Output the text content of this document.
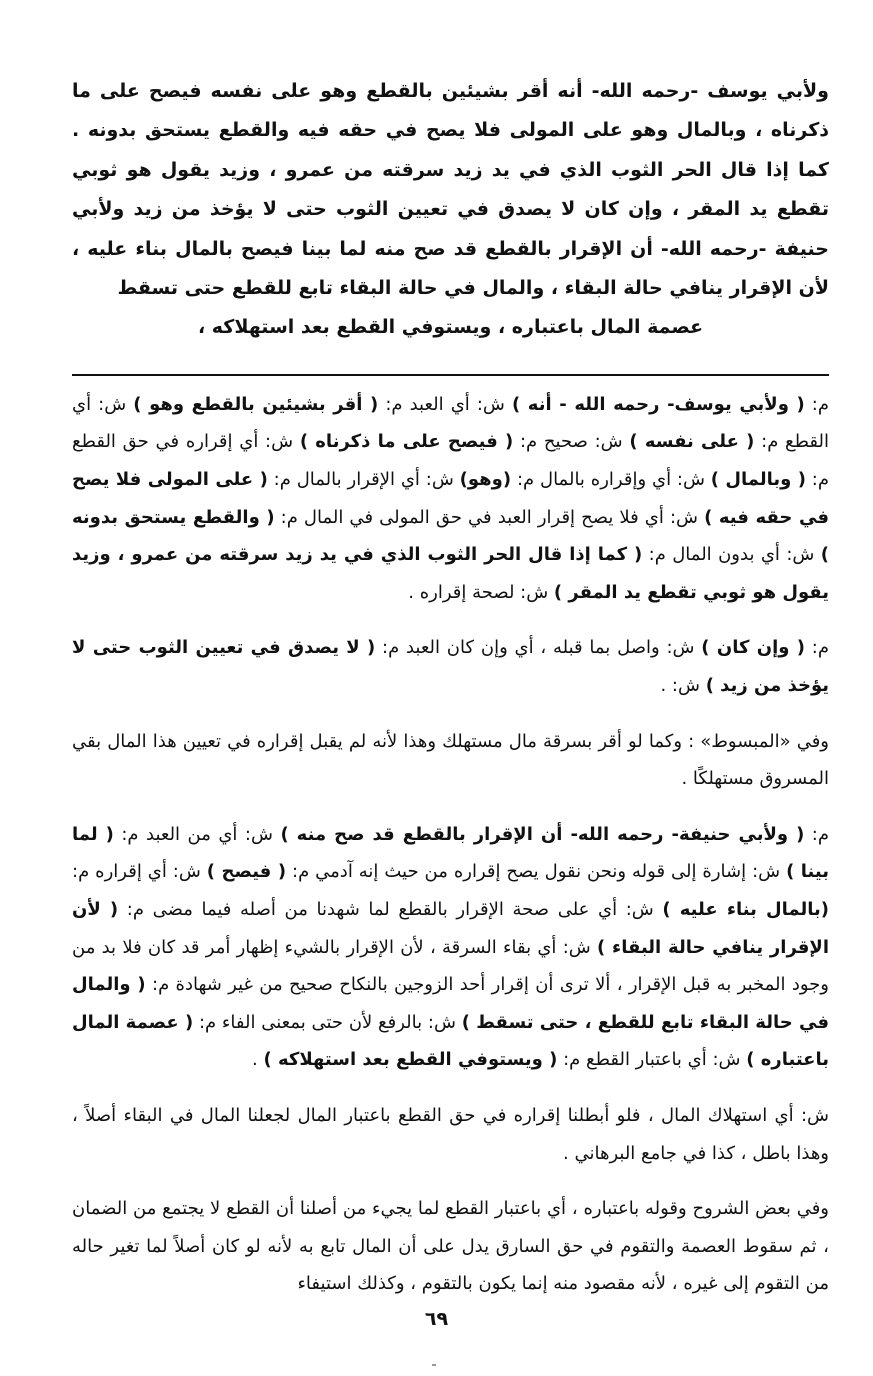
ولأبي يوسف -رحمه الله- أنه أقر بشيئين بالقطع وهو على نفسه فيصح على ما ذكرناه ، وبالمال وهو على المولى فلا يصح في حقه فيه والقطع يستحق بدونه . كما إذا قال الحر الثوب الذي في يد زيد سرقته من عمرو ، وزيد يقول هو ثوبي تقطع يد المقر ، وإن كان لا يصدق في تعيين الثوب حتى لا يؤخذ من زيد ولأبي حنيفة -رحمه الله- أن الإقرار بالقطع قد صح منه لما بينا فيصح بالمال بناء عليه ، لأن الإقرار ينافي حالة البقاء ، والمال في حالة البقاء تابع للقطع حتى تسقط
عصمة المال باعتباره ، ويستوفي القطع بعد استهلاكه ،

م: ( ولأبي يوسف- رحمه الله - أنه ) ش: أي العبد م: ( أقر بشيئين بالقطع وهو ) ش: أي القطع م: ( على نفسه ) ش: صحيح م: ( فيصح على ما ذكرناه ) ش: أي إقراره في حق القطع م: ( وبالمال ) ش: أي وإقراره بالمال م: (وهو) ش: أي الإقرار بالمال م: ( على المولى فلا يصح في حقه فيه ) ش: أي فلا يصح إقرار العبد في حق المولى في المال م: ( والقطع يستحق بدونه ) ش: أي بدون المال م: ( كما إذا قال الحر الثوب الذي في يد زيد سرقته من عمرو ، وزيد يقول هو ثوبي تقطع يد المقر ) ش: لصحة إقراره .

م: ( وإن كان ) ش: واصل بما قبله ، أي وإن كان العبد م: ( لا يصدق في تعيين الثوب حتى لا يؤخذ من زيد ) ش: .

وفي «المبسوط» : وكما لو أقر بسرقة مال مستهلك وهذا لأنه لم يقبل إقراره في تعيين هذا المال بقي المسروق مستهلكًا .

م: ( ولأبي حنيفة- رحمه الله- أن الإقرار بالقطع قد صح منه ) ش: أي من العبد م: ( لما بينا ) ش: إشارة إلى قوله ونحن نقول يصح إقراره من حيث إنه آدمي م: ( فيصح ) ش: أي إقراره م: (بالمال بناء عليه ) ش: أي على صحة الإقرار بالقطع لما شهدنا من أصله فيما مضى م: ( لأن الإقرار ينافي حالة البقاء ) ش: أي بقاء السرقة ، لأن الإقرار بالشيء إظهار أمر قد كان فلا بد من وجود المخبر به قبل الإقرار ، ألا ترى أن إقرار أحد الزوجين بالنكاح صحيح من غير شهادة م: ( والمال في حالة البقاء تابع للقطع ، حتى تسقط ) ش: بالرفع لأن حتى بمعنى الفاء م: ( عصمة المال باعتباره ) ش: أي باعتبار القطع م: ( ويستوفي القطع بعد استهلاكه ) .

ش: أي استهلاك المال ، فلو أبطلنا إقراره في حق القطع باعتبار المال لجعلنا المال في البقاء أصلاً ، وهذا باطل ، كذا في جامع البرهاني .

وفي بعض الشروح وقوله باعتباره ، أي باعتبار القطع لما يجيء من أصلنا أن القطع لا يجتمع من الضمان ، ثم سقوط العصمة والتقوم في حق السارق يدل على أن المال تابع به لأنه لو كان أصلاً لما تغير حاله من التقوم إلى غيره ، لأنه مقصود منه إنما يكون بالتقوم ، وكذلك استيفاء

٦٩
